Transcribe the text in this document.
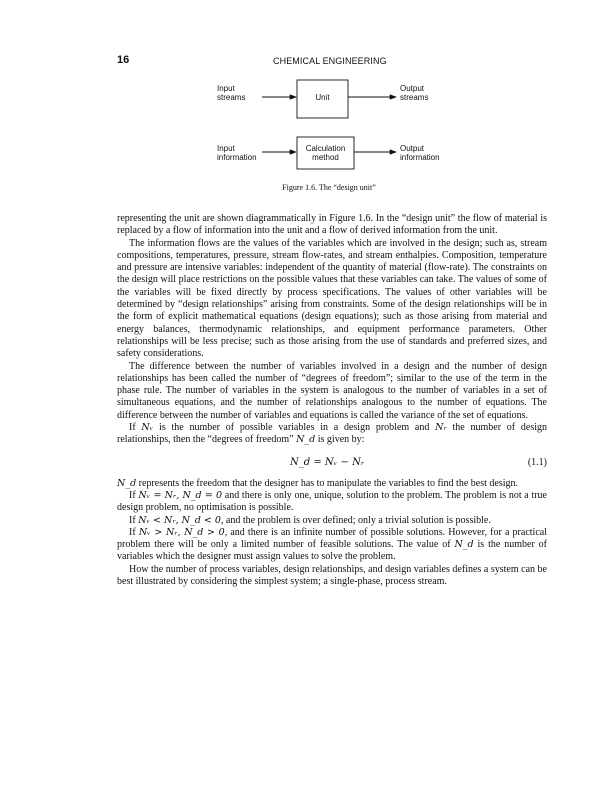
16	CHEMICAL ENGINEERING
Input
streams	Unit
Output
streams
Input
information
Calculation
method
Output
information
Figure 1.6. The “design unit”

representing the unit are shown diagrammatically in Figure 1.6. In the “design unit” the flow of material is replaced by a flow of information into the unit and a flow of derived information from the unit.

The information flows are the values of the variables which are involved in the design; such as, stream compositions, temperatures, pressure, stream flow-rates, and stream enthalpies. Composition, temperature and pressure are intensive variables: independent of the quantity of material (flow-rate). The constraints on the design will place restrictions on the possible values that these variables can take. The values of some of the variables will be fixed directly by process specifications. The values of other variables will be determined by “design relationships” arising from constraints. Some of the design relationships will be in the form of explicit mathematical equations (design equations); such as those arising from material and energy balances, thermodynamic relationships, and equipment performance parameters. Other relationships will be less precise; such as those arising from the use of standards and preferred sizes, and safety considerations.

The difference between the number of variables involved in a design and the number of design relationships has been called the number of “degrees of freedom”; similar to the use of the term in the phase rule. The number of variables in the system is analogous to the number of variables in a set of simultaneous equations, and the number of relationships analogous to the number of equations. The difference between the number of variables and equations is called the variance of the set of equations.

If Nᵥ is the number of possible variables in a design problem and Nᵣ the number of design relationships, then the “degrees of freedom” N_d is given by:

N_d = Nᵥ − Nᵣ	(1.1)

N_d represents the freedom that the designer has to manipulate the variables to find the best design.

If Nᵥ = Nᵣ, N_d = 0 and there is only one, unique, solution to the problem. The problem is not a true design problem, no optimisation is possible.

If Nᵥ < Nᵣ, N_d < 0, and the problem is over defined; only a trivial solution is possible.

If Nᵥ > Nᵣ, N_d > 0, and there is an infinite number of possible solutions. However, for a practical problem there will be only a limited number of feasible solutions. The value of N_d is the number of variables which the designer must assign values to solve the problem.

How the number of process variables, design relationships, and design variables defines a system can be best illustrated by considering the simplest system; a single-phase, process stream.
